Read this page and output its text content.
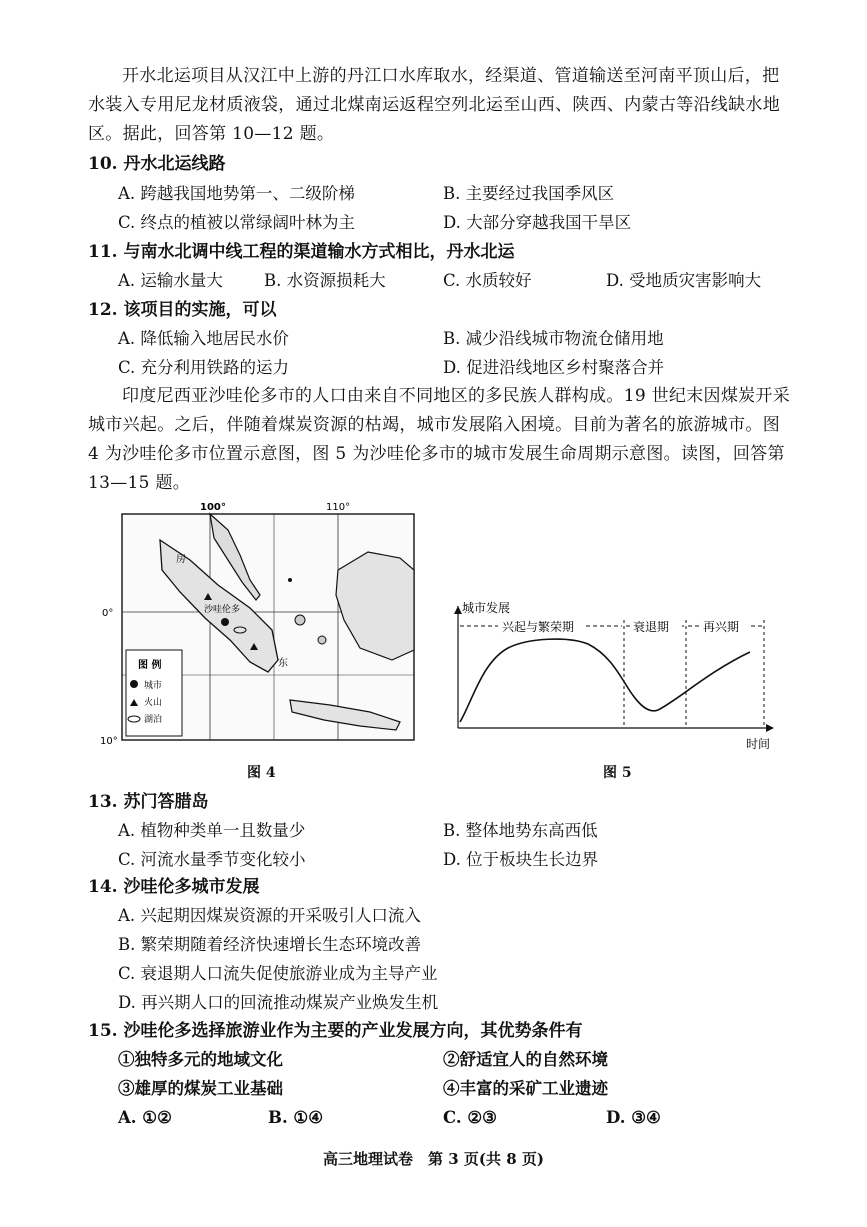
开水北运项目从汉江中上游的丹江口水库取水，经渠道、管道输送至河南平顶山后，把水装入专用尼龙材质液袋，通过北煤南运返程空列北运至山西、陕西、内蒙古等沿线缺水地区。据此，回答第 10—12 题。
10. 丹水北运线路
A. 跨越我国地势第一、二级阶梯	B. 主要经过我国季风区
C. 终点的植被以常绿阔叶林为主	D. 大部分穿越我国干旱区
11. 与南水北调中线工程的渠道输水方式相比，丹水北运
A. 运输水量大 B. 水资源损耗大	C. 水质较好	D. 受地质灾害影响大
12. 该项目的实施，可以
A. 降低输入地居民水价	B. 减少沿线城市物流仓储用地
C. 充分利用铁路的运力	D. 促进沿线地区乡村聚落合并
印度尼西亚沙哇伦多市的人口由来自不同地区的多民族人群构成。19 世纪末因煤炭开采城市兴起。之后，伴随着煤炭资源的枯竭，城市发展陷入困境。目前为著名的旅游城市。图 4 为沙哇伦多市位置示意图，图 5 为沙哇伦多市的城市发展生命周期示意图。读图，回答第 13—15 题。
100°	110°
0°
10°
房
沙哇伦多
东
图 例
城市
火山
湖泊
图 4
城市发展
时间
兴起与繁荣期	衰退期	再兴期
图 5
13. 苏门答腊岛
A. 植物种类单一且数量少	B. 整体地势东高西低
C. 河流水量季节变化较小	D. 位于板块生长边界
14. 沙哇伦多城市发展
A. 兴起期因煤炭资源的开采吸引人口流入
B. 繁荣期随着经济快速增长生态环境改善
C. 衰退期人口流失促使旅游业成为主导产业
D. 再兴期人口的回流推动煤炭产业焕发生机
15. 沙哇伦多选择旅游业作为主要的产业发展方向，其优势条件有
①独特多元的地域文化	②舒适宜人的自然环境
③雄厚的煤炭工业基础	④丰富的采矿工业遗迹
A. ①②	B. ①④	C. ②③	D. ③④
高三地理试卷　第 3 页(共 8 页)
